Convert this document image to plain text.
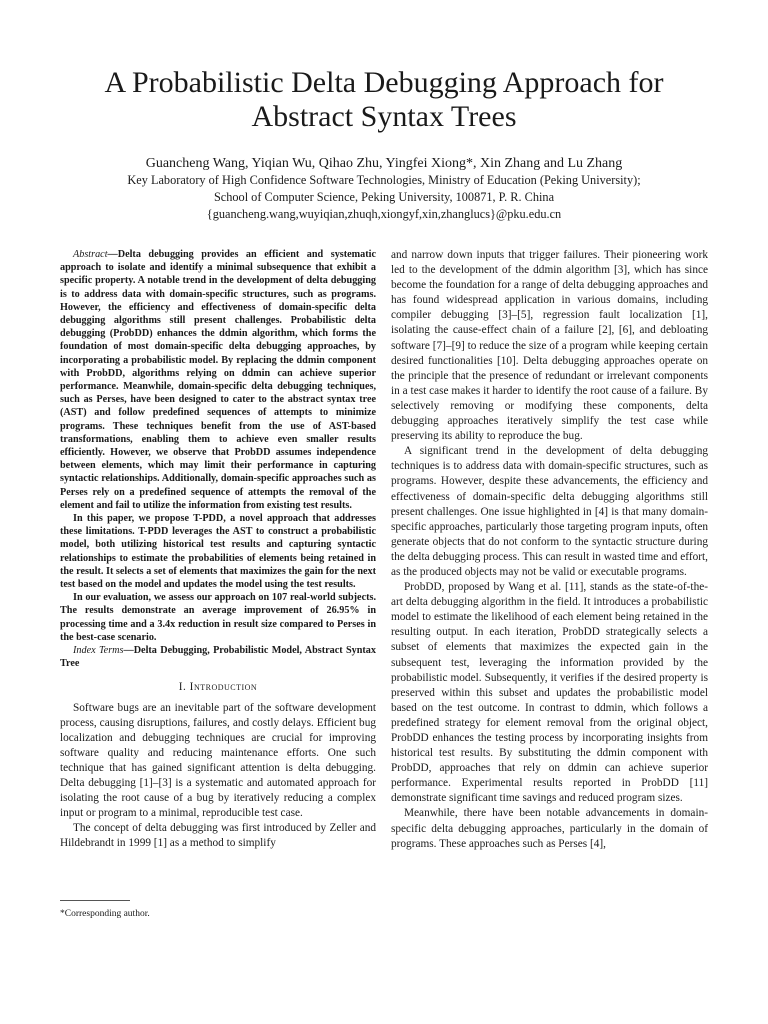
A Probabilistic Delta Debugging Approach for
Abstract Syntax Trees
Guancheng Wang, Yiqian Wu, Qihao Zhu, Yingfei Xiong*, Xin Zhang and Lu Zhang
Key Laboratory of High Confidence Software Technologies, Ministry of Education (Peking University);
School of Computer Science, Peking University, 100871, P. R. China
{guancheng.wang,wuyiqian,zhuqh,xiongyf,xin,zhanglucs}@pku.edu.cn

Abstract—Delta debugging provides an efficient and systematic approach to isolate and identify a minimal subsequence that exhibit a specific property. A notable trend in the development of delta debugging is to address data with domain-specific structures, such as programs. However, the efficiency and effectiveness of domain-specific delta debugging algorithms still present challenges. Probabilistic delta debugging (ProbDD) enhances the ddmin algorithm, which forms the foundation of most domain-specific delta debugging approaches, by incorporating a probabilistic model. By replacing the ddmin component with ProbDD, algorithms relying on ddmin can achieve superior performance. Meanwhile, domain-specific delta debugging techniques, such as Perses, have been designed to cater to the abstract syntax tree (AST) and follow predefined sequences of attempts to minimize programs. These techniques benefit from the use of AST-based transformations, enabling them to achieve even smaller results efficiently. However, we observe that ProbDD assumes independence between elements, which may limit their performance in capturing syntactic relationships. Additionally, domain-specific approaches such as Perses rely on a predefined sequence of attempts the removal of the element and fail to utilize the information from existing test results.

In this paper, we propose T-PDD, a novel approach that addresses these limitations. T-PDD leverages the AST to construct a probabilistic model, both utilizing historical test results and capturing syntactic relationships to estimate the probabilities of elements being retained in the result. It selects a set of elements that maximizes the gain for the next test based on the model and updates the model using the test results.

In our evaluation, we assess our approach on 107 real-world subjects. The results demonstrate an average improvement of 26.95% in processing time and a 3.4x reduction in result size compared to Perses in the best-case scenario.

Index Terms—Delta Debugging, Probabilistic Model, Abstract Syntax Tree

I. Introduction

Software bugs are an inevitable part of the software development process, causing disruptions, failures, and costly delays. Efficient bug localization and debugging techniques are crucial for improving software quality and reducing maintenance efforts. One such technique that has gained significant attention is delta debugging. Delta debugging [1]–[3] is a systematic and automated approach for isolating the root cause of a bug by iteratively reducing a complex input or program to a minimal, reproducible test case.

The concept of delta debugging was first introduced by Zeller and Hildebrandt in 1999 [1] as a method to simplify

*Corresponding author.

and narrow down inputs that trigger failures. Their pioneering work led to the development of the ddmin algorithm [3], which has since become the foundation for a range of delta debugging approaches and has found widespread application in various domains, including compiler debugging [3]–[5], regression fault localization [1], isolating the cause-effect chain of a failure [2], [6], and debloating software [7]–[9] to reduce the size of a program while keeping certain desired functionalities [10]. Delta debugging approaches operate on the principle that the presence of redundant or irrelevant components in a test case makes it harder to identify the root cause of a failure. By selectively removing or modifying these components, delta debugging approaches iteratively simplify the test case while preserving its ability to reproduce the bug.

A significant trend in the development of delta debugging techniques is to address data with domain-specific structures, such as programs. However, despite these advancements, the efficiency and effectiveness of domain-specific delta debugging algorithms still present challenges. One issue highlighted in [4] is that many domain-specific approaches, particularly those targeting program inputs, often generate objects that do not conform to the syntactic structure during the delta debugging process. This can result in wasted time and effort, as the produced objects may not be valid or executable programs.

ProbDD, proposed by Wang et al. [11], stands as the state-of-the-art delta debugging algorithm in the field. It introduces a probabilistic model to estimate the likelihood of each element being retained in the resulting output. In each iteration, ProbDD strategically selects a subset of elements that maximizes the expected gain in the subsequent test, leveraging the information provided by the probabilistic model. Subsequently, it verifies if the desired property is preserved within this subset and updates the probabilistic model based on the test outcome. In contrast to ddmin, which follows a predefined strategy for element removal from the original object, ProbDD enhances the testing process by incorporating insights from historical test results. By substituting the ddmin component with ProbDD, approaches that rely on ddmin can achieve superior performance. Experimental results reported in ProbDD [11] demonstrate significant time savings and reduced program sizes.

Meanwhile, there have been notable advancements in domain-specific delta debugging approaches, particularly in the domain of programs. These approaches such as Perses [4],
